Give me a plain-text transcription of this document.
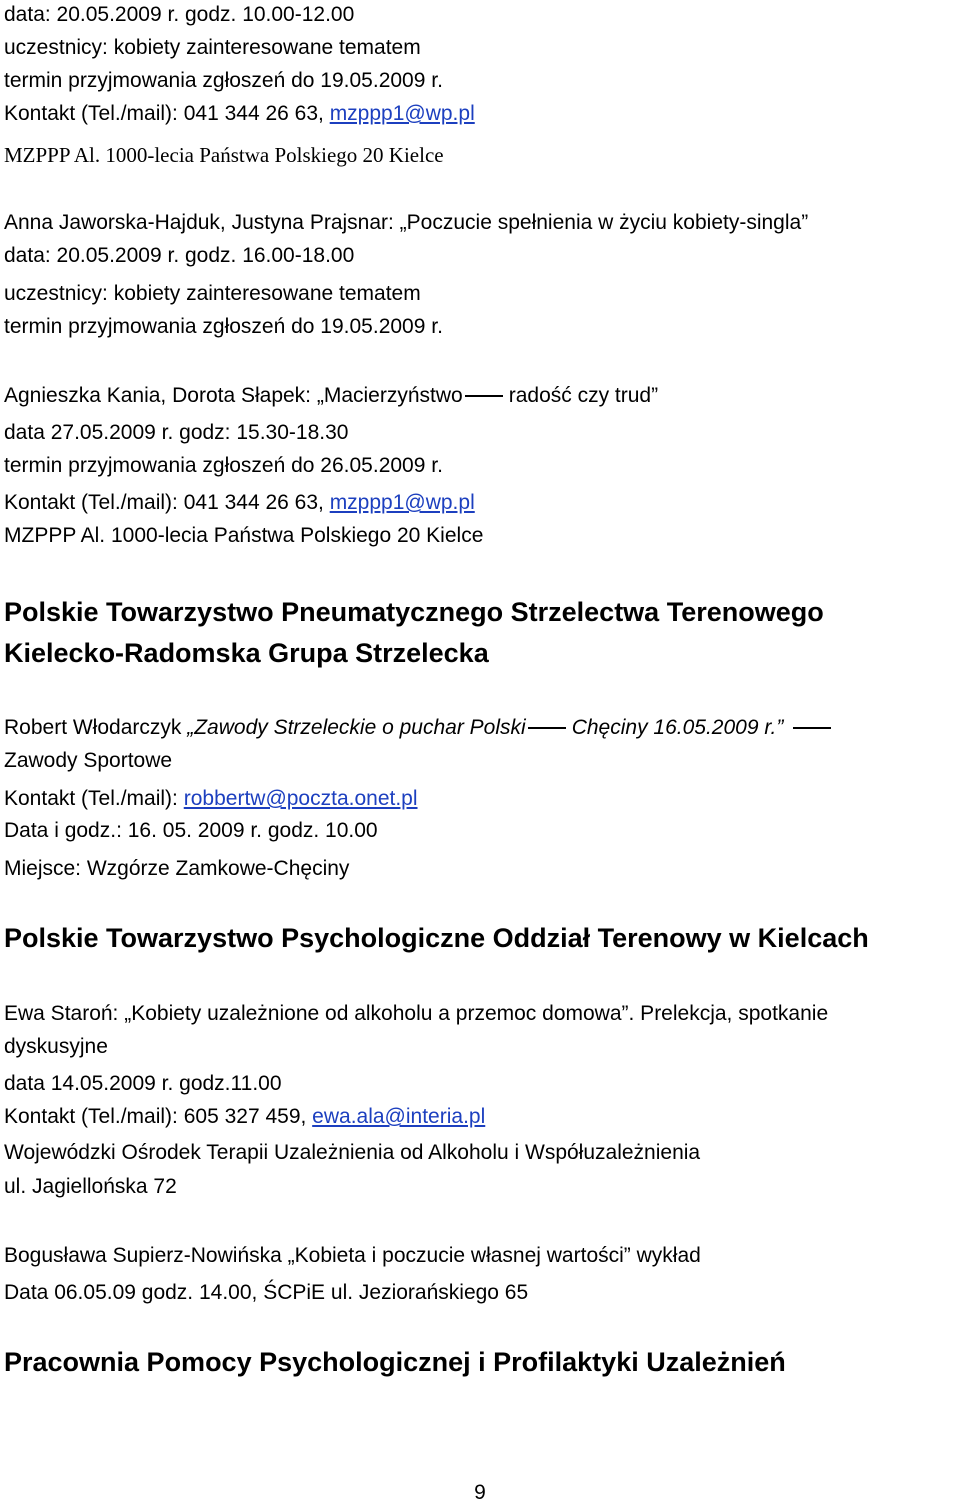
data: 20.05.2009 r. godz. 10.00-12.00
uczestnicy: kobiety zainteresowane tematem
termin przyjmowania zgłoszeń do 19.05.2009 r.
Kontakt (Tel./mail): 041 344 26 63, mzppp1@wp.pl
MZPPP Al. 1000-lecia Państwa Polskiego 20 Kielce
Anna Jaworska-Hajduk, Justyna Prajsnar: „Poczucie spełnienia w życiu kobiety-singla”
data: 20.05.2009 r. godz. 16.00-18.00
uczestnicy: kobiety zainteresowane tematem
termin przyjmowania zgłoszeń do 19.05.2009 r.
Agnieszka Kania, Dorota Słapek: „Macierzyństwo radość czy trud”
data 27.05.2009 r. godz: 15.30-18.30
termin przyjmowania zgłoszeń do 26.05.2009 r.
Kontakt (Tel./mail): 041 344 26 63, mzppp1@wp.pl
MZPPP Al. 1000-lecia Państwa Polskiego 20 Kielce
Polskie Towarzystwo Pneumatycznego Strzelectwa Terenowego
Kielecko-Radomska Grupa Strzelecka
Robert Włodarczyk „Zawody Strzeleckie o puchar Polski Chęciny 16.05.2009 r.”
Zawody Sportowe
Kontakt (Tel./mail): robbertw@poczta.onet.pl
Data i godz.: 16. 05. 2009 r. godz. 10.00
Miejsce: Wzgórze Zamkowe-Chęciny
Polskie Towarzystwo Psychologiczne Oddział Terenowy w Kielcach
Ewa Staroń: „Kobiety uzależnione od alkoholu a przemoc domowa”. Prelekcja, spotkanie
dyskusyjne
data 14.05.2009 r. godz.11.00
Kontakt (Tel./mail): 605 327 459, ewa.ala@interia.pl
Wojewódzki Ośrodek Terapii Uzależnienia od Alkoholu i Współuzależnienia
ul. Jagiellońska 72
Bogusława Supierz-Nowińska „Kobieta i poczucie własnej wartości” wykład
Data 06.05.09 godz. 14.00, ŚCPiE ul. Jeziorańskiego 65
Pracownia Pomocy Psychologicznej i Profilaktyki Uzależnień
9
